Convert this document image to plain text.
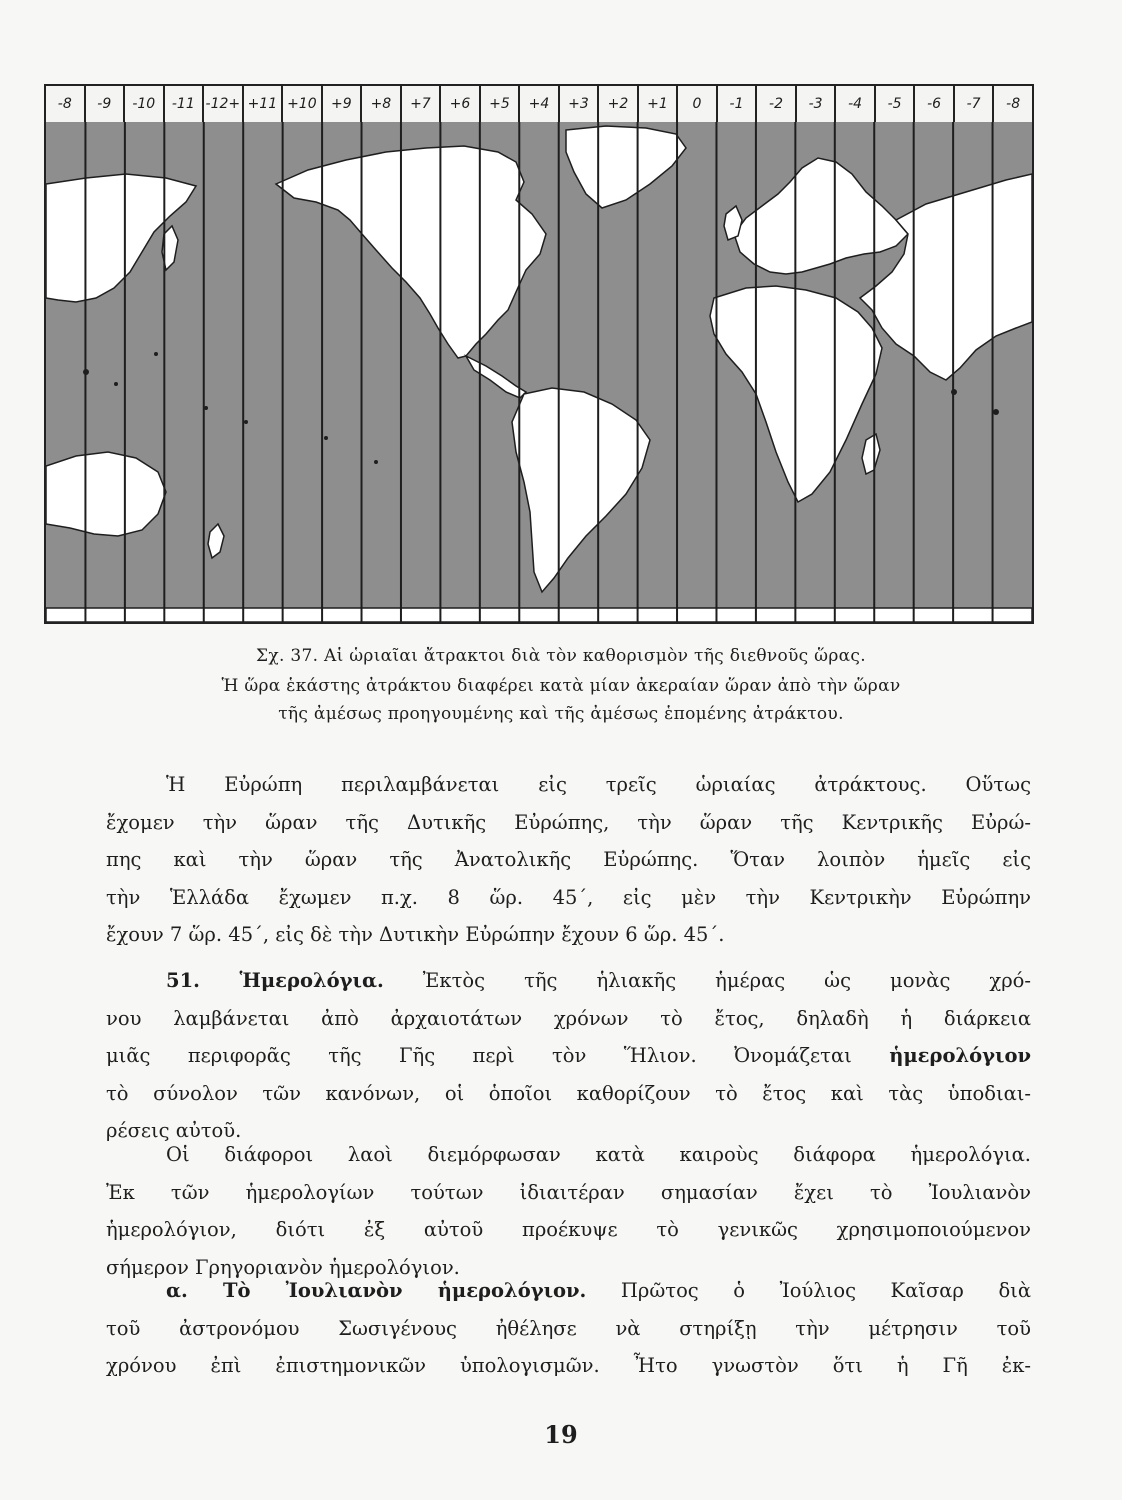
-8	-9	-10	-11 -12+ +11 +10	+9	+8	+7	+6	+5	+4	+3	+2	+1	0	-1	-2	-3	-4	-5	-6	-7	-8
Σχ. 37. Αἱ ὡριαῖαι ἄτρακτοι διὰ τὸν καθορισμὸν τῆς διεθνοῦς ὥρας.
Ἡ ὥρα ἑκάστης ἀτράκτου διαφέρει κατὰ μίαν ἀκεραίαν ὥραν ἀπὸ τὴν ὥραν
τῆς ἀμέσως προηγουμένης καὶ τῆς ἀμέσως ἑπομένης ἀτράκτου.
Ἡ Εὐρώπη περιλαμβάνεται εἰς τρεῖς ὡριαίας ἀτράκτους. Οὕτως
ἔχομεν τὴν ὥραν τῆς Δυτικῆς Εὐρώπης, τὴν ὥραν τῆς Κεντρικῆς Εὐρώ-
πης καὶ τὴν ὥραν τῆς Ἀνατολικῆς Εὐρώπης. Ὅταν λοιπὸν ἡμεῖς εἰς
τὴν Ἑλλάδα ἔχωμεν π.χ. 8 ὥρ. 45΄, εἰς μὲν τὴν Κεντρικὴν Εὐρώπην
ἔχουν 7 ὥρ. 45΄, εἰς δὲ τὴν Δυτικὴν Εὐρώπην ἔχουν 6 ὥρ. 45΄.
51. Ἡμερολόγια. Ἐκτὸς τῆς ἡλιακῆς ἡμέρας ὡς μονὰς χρό-
νου λαμβάνεται ἀπὸ ἀρχαιοτάτων χρόνων τὸ ἔτος, δηλαδὴ ἡ διάρκεια
μιᾶς περιφορᾶς τῆς Γῆς περὶ τὸν Ἥλιον. Ὀνομάζεται ἡμερολόγιον
τὸ σύνολον τῶν κανόνων, οἱ ὁποῖοι καθορίζουν τὸ ἔτος καὶ τὰς ὑποδιαι-
ρέσεις αὐτοῦ.
Οἱ διάφοροι λαοὶ διεμόρφωσαν κατὰ καιροὺς διάφορα ἡμερολόγια.
Ἐκ τῶν ἡμερολογίων τούτων ἰδιαιτέραν σημασίαν ἔχει τὸ Ἰουλιανὸν
ἡμερολόγιον, διότι ἐξ αὐτοῦ προέκυψε τὸ γενικῶς χρησιμοποιούμενον
σήμερον Γρηγοριανὸν ἡμερολόγιον.
α. Τὸ Ἰουλιανὸν ἡμερολόγιον. Πρῶτος ὁ Ἰούλιος Καῖσαρ διὰ
τοῦ ἀστρονόμου Σωσιγένους ἠθέλησε νὰ στηρίξῃ τὴν μέτρησιν τοῦ
χρόνου ἐπὶ ἐπιστημονικῶν ὑπολογισμῶν. Ἦτο γνωστὸν ὅτι ἡ Γῆ ἐκ-
19
